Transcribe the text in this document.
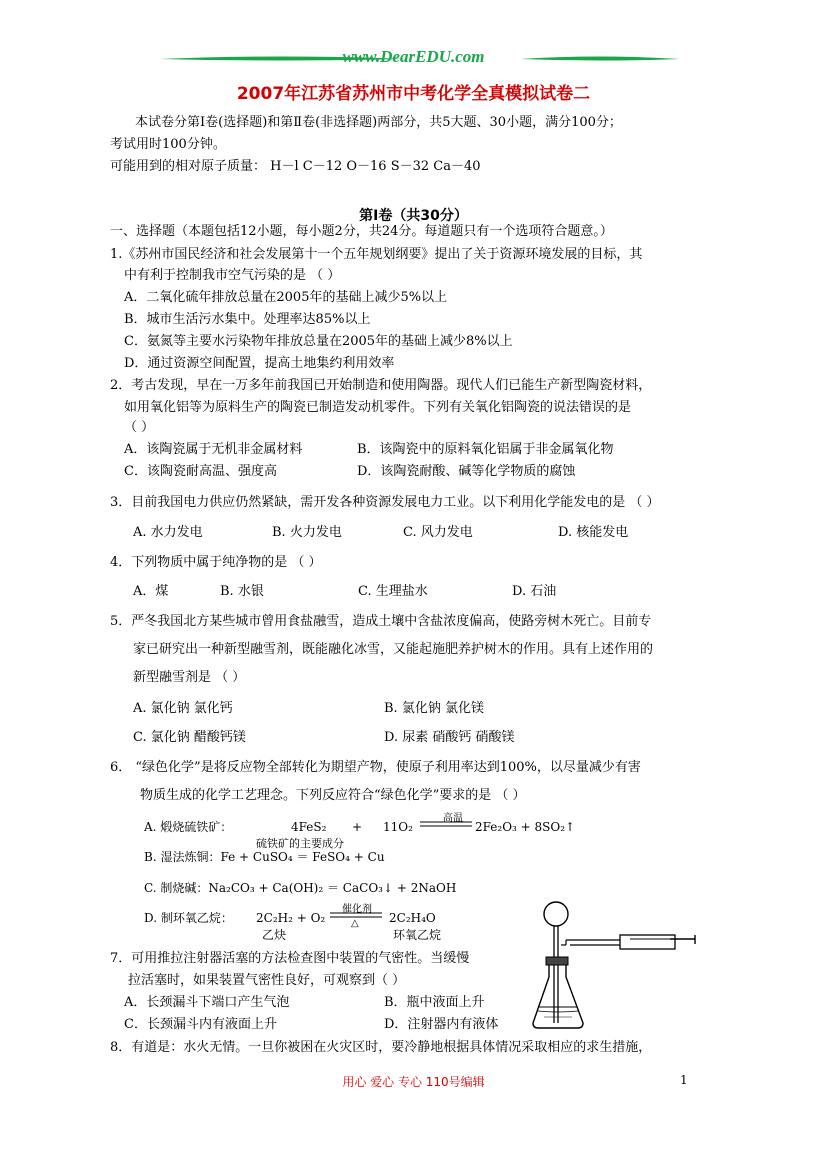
www.DearEDU.com
2007年江苏省苏州市中考化学全真模拟试卷二
本试卷分第Ⅰ卷(选择题)和第Ⅱ卷(非选择题)两部分，共5大题、30小题，满分100分；
考试用时100分钟。
可能用到的相对原子质量： H－l C－12 O－16 S－32 Ca－40
第Ⅰ卷（共30分）
一、选择题（本题包括12小题，每小题2分，共24分。每道题只有一个选项符合题意。）
1.《苏州市国民经济和社会发展第十一个五年规划纲要》提出了关于资源环境发展的目标，其
中有利于控制我市空气污染的是 （ ）
A．二氧化硫年排放总量在2005年的基础上减少5%以上
B．城市生活污水集中。处理率达85%以上
C．氨氮等主要水污染物年排放总量在2005年的基础上减少8%以上
D．通过资源空间配置，提高土地集约利用效率
2．考古发现，早在一万多年前我国已开始制造和使用陶器。现代人们已能生产新型陶瓷材料，
如用氧化铝等为原料生产的陶瓷已制造发动机零件。下列有关氧化铝陶瓷的说法错误的是
（ ）
A．该陶瓷属于无机非金属材料	B．该陶瓷中的原料氧化铝属于非金属氧化物
C．该陶瓷耐高温、强度高	D．该陶瓷耐酸、碱等化学物质的腐蚀
3．目前我国电力供应仍然紧缺，需开发各种资源发展电力工业。以下利用化学能发电的是 （ ）
A. 水力发电	B. 火力发电	C. 风力发电	D. 核能发电
4．下列物质中属于纯净物的是 （ ）
A．煤	B. 水银	C. 生理盐水	D. 石油
5．严冬我国北方某些城市曾用食盐融雪，造成土壤中含盐浓度偏高，使路旁树木死亡。目前专
家已研究出一种新型融雪剂，既能融化冰雪，又能起施肥养护树木的作用。具有上述作用的
新型融雪剂是 （ ）
A. 氯化钠 氯化钙	B. 氯化钠 氯化镁
C. 氯化钠 醋酸钙镁	D. 尿素 硝酸钙 硝酸镁
6． “绿色化学”是将反应物全部转化为期望产物，使原子利用率达到100%，以尽量减少有害
物质生成的化学工艺理念。下列反应符合“绿色化学”要求的是 （ ）
A. 煅烧硫铁矿：	4FeS₂ + 11O₂
高温
2Fe₂O₃ + 8SO₂↑
硫铁矿的主要成分
B. 湿法炼铜：Fe + CuSO₄ ＝ FeSO₄ + Cu
C. 制烧碱：Na₂CO₃ + Ca(OH)₂ ＝ CaCO₃↓ + 2NaOH
D. 制环氧乙烷： 2C₂H₂ + O₂
催化剂
△	2C₂H₄O
乙炔	环氧乙烷
7．可用推拉注射器活塞的方法检查图中装置的气密性。当缓慢
拉活塞时，如果装置气密性良好，可观察到（ ）
A．长颈漏斗下端口产生气泡	B．瓶中液面上升
C．长颈漏斗内有液面上升	D．注射器内有液体
8．有道是：水火无情。一旦你被困在火灾区时，要冷静地根据具体情况采取相应的求生措施，
用心 爱心 专心 110号编辑	1
